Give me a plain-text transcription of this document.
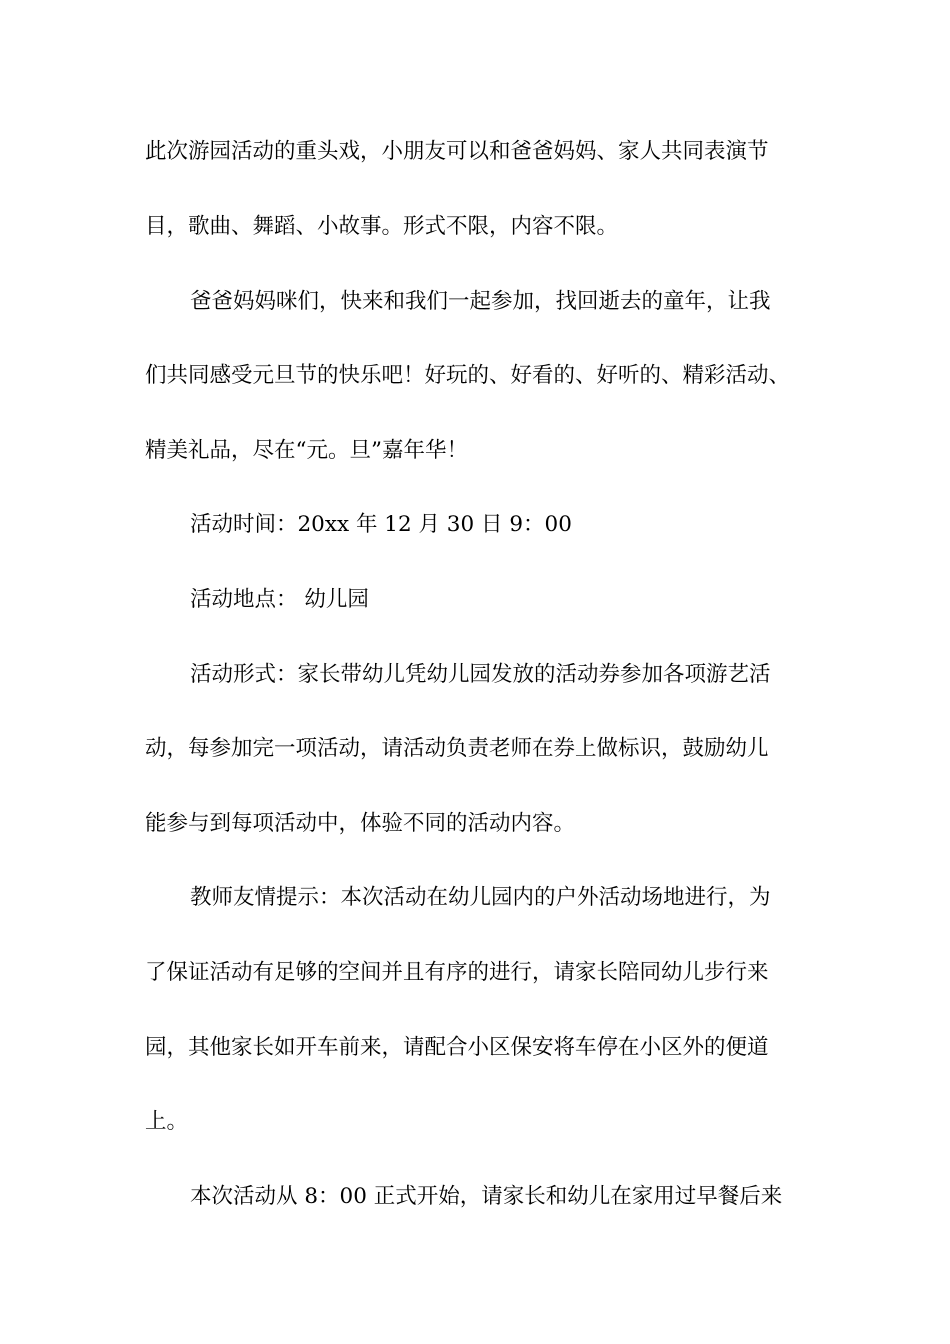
此次游园活动的重头戏，小朋友可以和爸爸妈妈、家人共同表演节
目，歌曲、舞蹈、小故事。形式不限，内容不限。
爸爸妈妈咪们，快来和我们一起参加，找回逝去的童年，让我
们共同感受元旦节的快乐吧！好玩的、好看的、好听的、精彩活动、
精美礼品，尽在“元。旦”嘉年华！
活动时间：20xx 年 12 月 30 日 9：00
活动地点： 幼儿园
活动形式：家长带幼儿凭幼儿园发放的活动券参加各项游艺活
动，每参加完一项活动，请活动负责老师在券上做标识，鼓励幼儿
能参与到每项活动中，体验不同的活动内容。
教师友情提示：本次活动在幼儿园内的户外活动场地进行，为
了保证活动有足够的空间并且有序的进行，请家长陪同幼儿步行来
园，其他家长如开车前来，请配合小区保安将车停在小区外的便道
上。
本次活动从 8：00 正式开始，请家长和幼儿在家用过早餐后来
